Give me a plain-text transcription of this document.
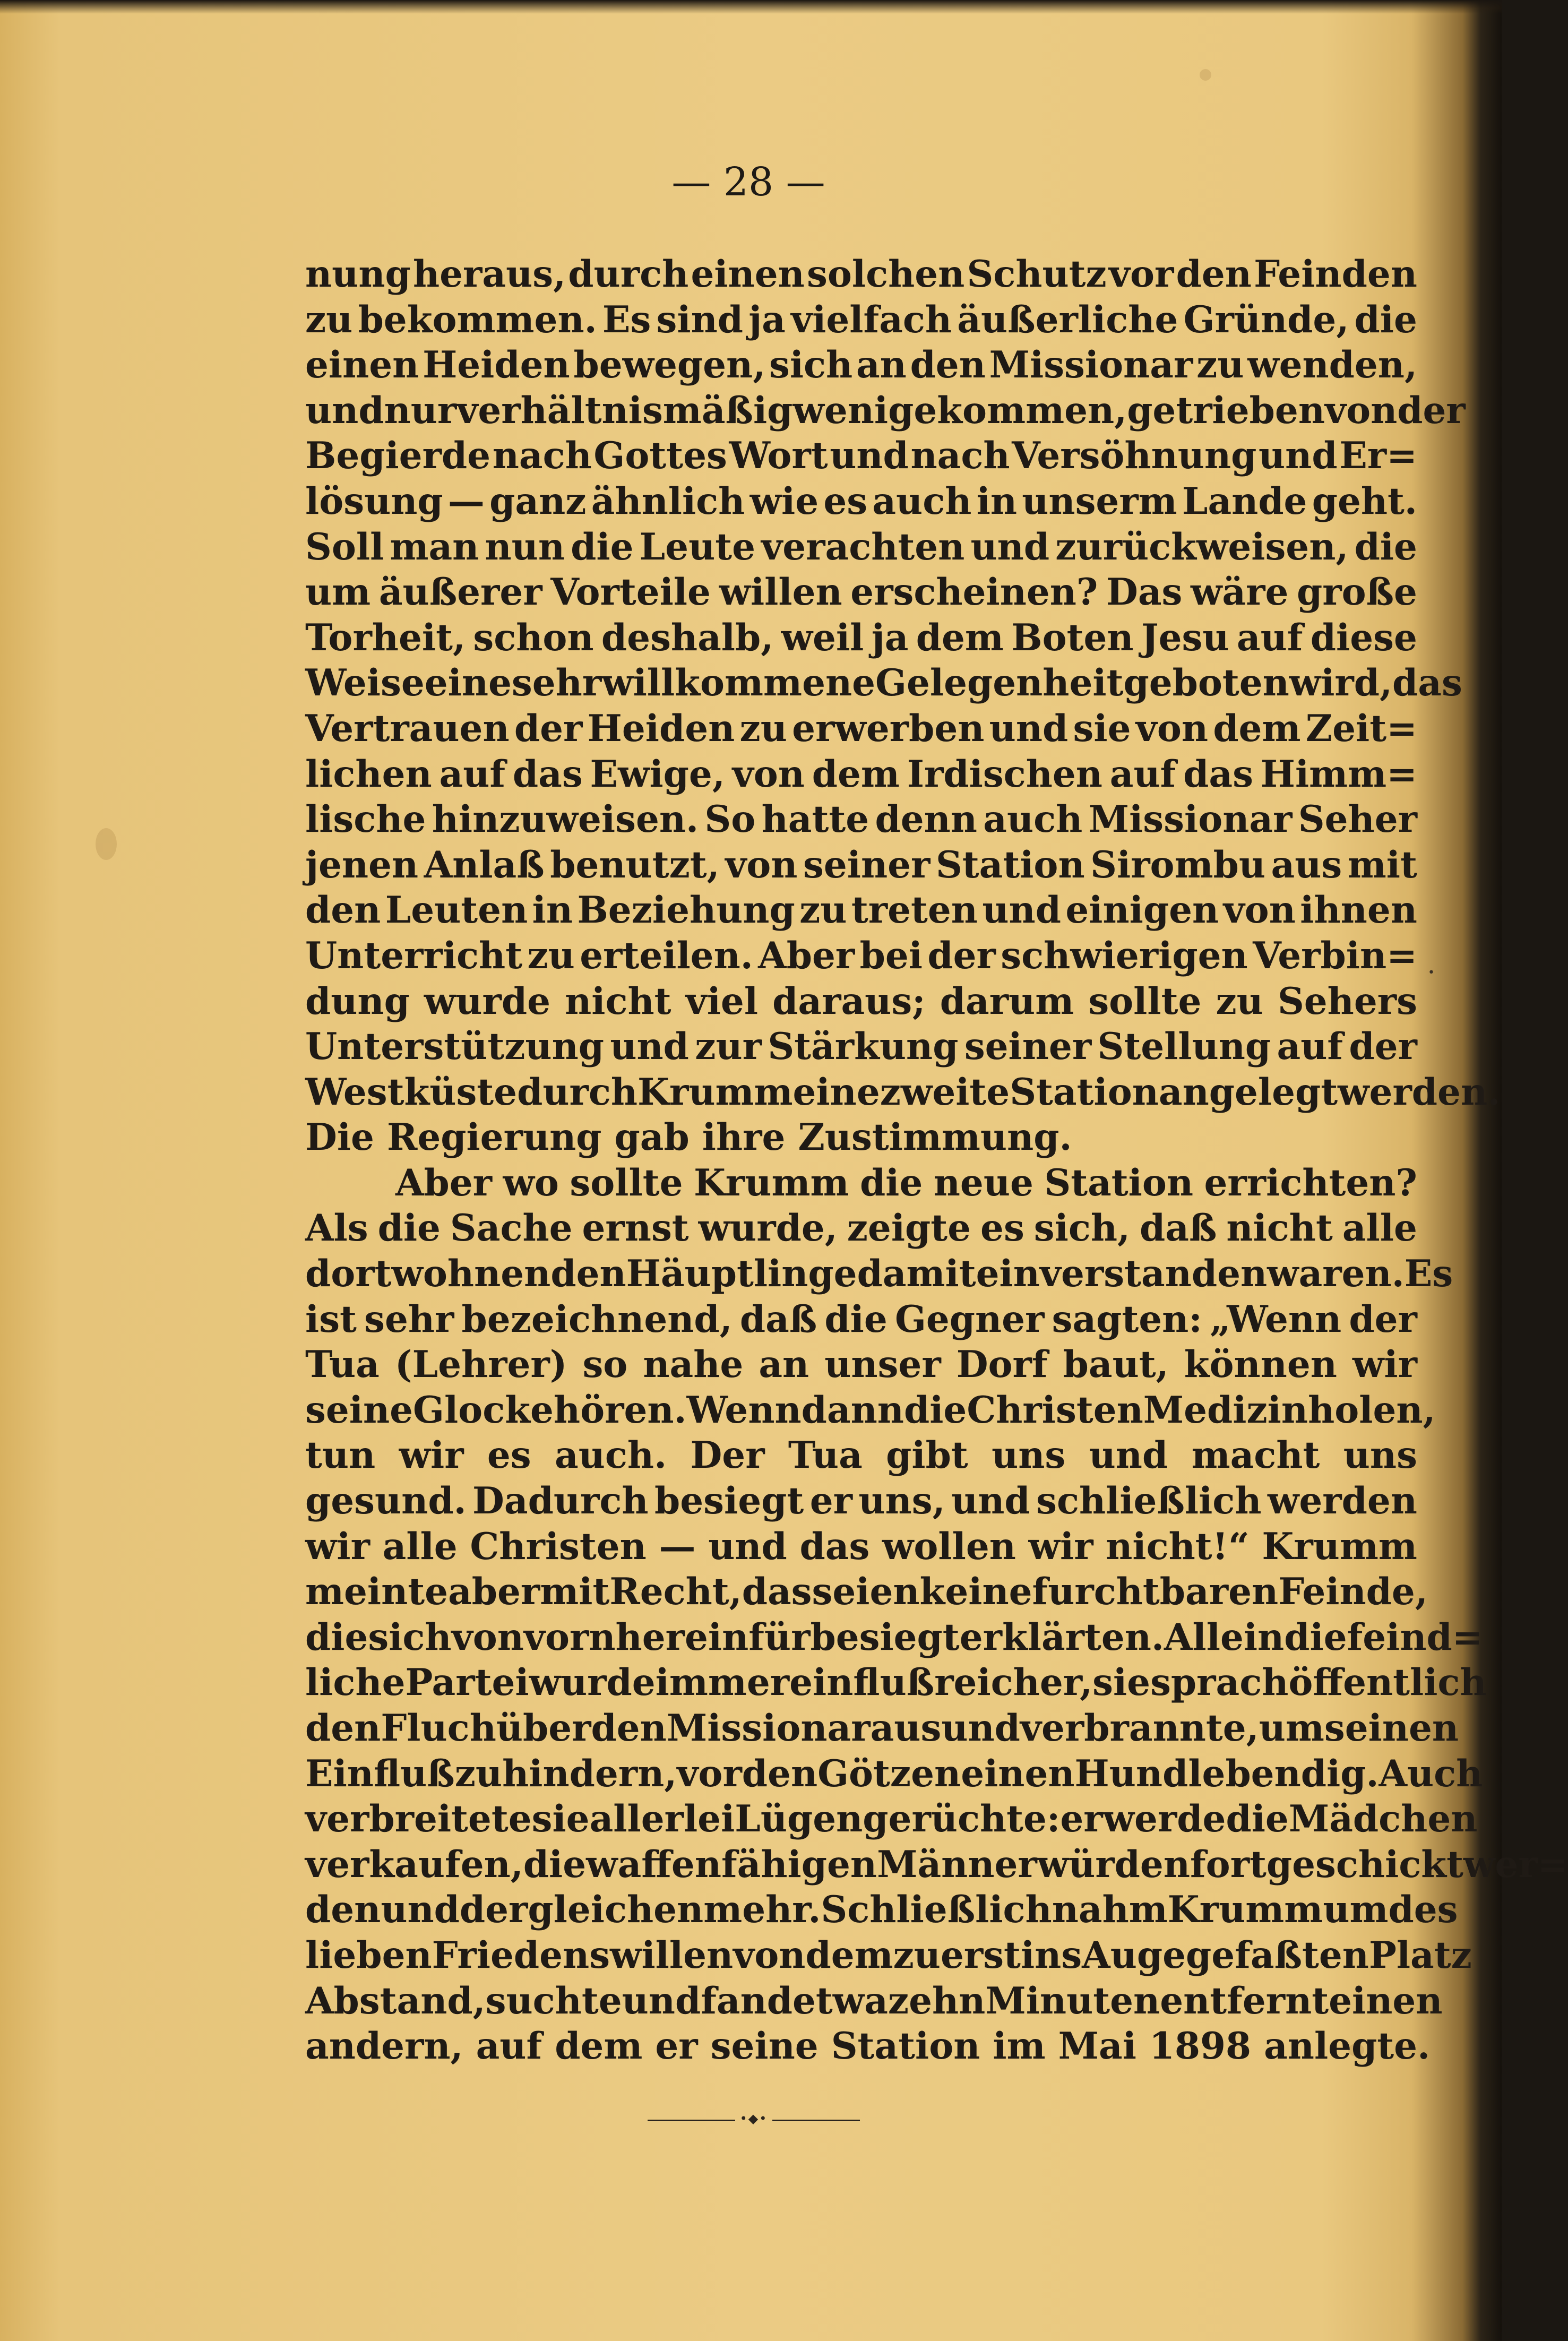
— 28 —
nung heraus, durch einen solchen Schutz vor den Feinden
zu bekommen. Es sind ja vielfach äußerliche Gründe, die
einen Heiden bewegen, sich an den Missionar zu wenden,
und nur verhältnismäßig wenige kommen, getrieben von der
Begierde nach Gottes Wort und nach Versöhnung und Er=
lösung — ganz ähnlich wie es auch in unserm Lande geht.
Soll man nun die Leute verachten und zurückweisen, die
um äußerer Vorteile willen erscheinen? Das wäre große
Torheit, schon deshalb, weil ja dem Boten Jesu auf diese
Weise eine sehr willkommene Gelegenheit geboten wird, das
Vertrauen der Heiden zu erwerben und sie von dem Zeit=
lichen auf das Ewige, von dem Irdischen auf das Himm=
lische hinzuweisen. So hatte denn auch Missionar Seher
jenen Anlaß benutzt, von seiner Station Sirombu aus mit
den Leuten in Beziehung zu treten und einigen von ihnen
Unterricht zu erteilen. Aber bei der schwierigen Verbin=
dung wurde nicht viel daraus; darum sollte zu Sehers
Unterstützung und zur Stärkung seiner Stellung auf der
Westküste durch Krumm eine zweite Station angelegt werden.
Die Regierung gab ihre Zustimmung.
Aber wo sollte Krumm die neue Station errichten?
Als die Sache ernst wurde, zeigte es sich, daß nicht alle
dort wohnenden Häuptlinge damit einverstanden waren. Es
ist sehr bezeichnend, daß die Gegner sagten: „Wenn der
Tua (Lehrer) so nahe an unser Dorf baut, können wir
seine Glocke hören. Wenn dann die Christen Medizin holen,
tun wir es auch. Der Tua gibt uns und macht uns
gesund. Dadurch besiegt er uns, und schließlich werden
wir alle Christen — und das wollen wir nicht!“ Krumm
meinte aber mit Recht, das seien keine furchtbaren Feinde,
die sich von vornherein für besiegt erklärten. Allein die feind=
liche Partei wurde immer einflußreicher, sie sprach öffentlich
den Fluch über den Missionar aus und verbrannte, um seinen
Einfluß zu hindern, vor den Götzen einen Hund lebendig. Auch
verbreitete sie allerlei Lügengerüchte: er werde die Mädchen
verkaufen, die waffenfähigen Männer würden fortgeschickt wer=
den und dergleichen mehr. Schließlich nahm Krumm um des
lieben Friedens willen von dem zuerst ins Auge gefaßten Platz
Abstand, suchte und fand etwa zehn Minuten entfernt einen
andern, auf dem er seine Station im Mai 1898 anlegte.
•◆•
•
